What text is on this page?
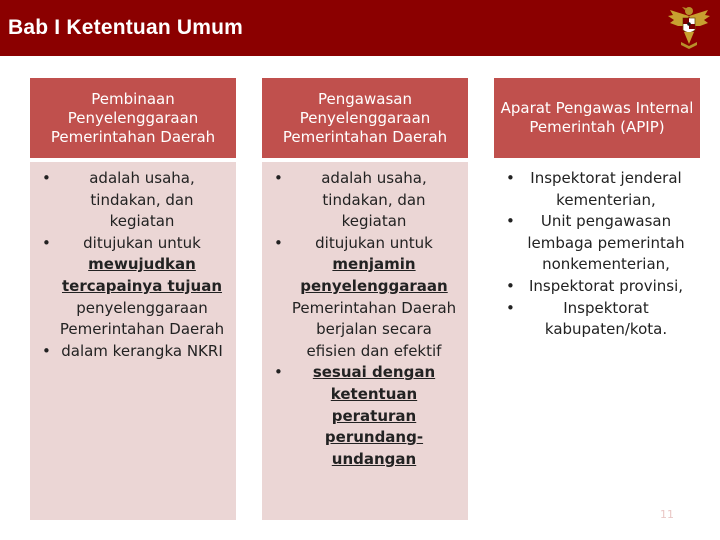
Bab I Ketentuan Umum
Pembinaan Penyelenggaraan Pemerintahan Daerah
• adalah usaha, tindakan, dan kegiatan
• ditujukan untuk mewujudkan tercapainya tujuan penyelenggaraan Pemerintahan Daerah
• dalam kerangka NKRI
Pengawasan Penyelenggaraan Pemerintahan Daerah
• adalah usaha, tindakan, dan kegiatan
• ditujukan untuk menjamin penyelenggaraan Pemerintahan Daerah berjalan secara efisien dan efektif
• sesuai dengan ketentuan peraturan perundang-undangan
Aparat Pengawas Internal Pemerintah (APIP)
• Inspektorat jenderal kementerian,
• Unit pengawasan lembaga pemerintah nonkementerian,
• Inspektorat provinsi,
• Inspektorat kabupaten/kota.
11
